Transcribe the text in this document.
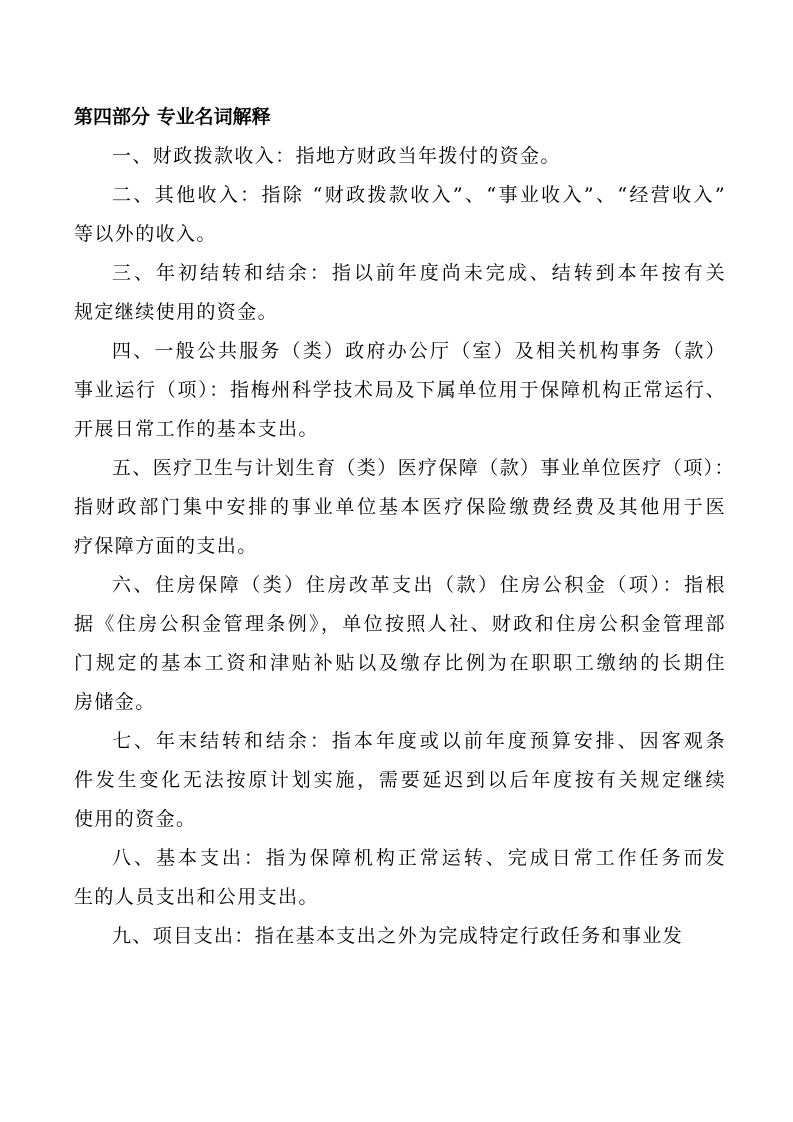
第四部分 专业名词解释
一、财政拨款收入：指地方财政当年拨付的资金。
二、其他收入：指除 “财政拨款收入”、“事业收入”、“经营收入”
等以外的收入。
三、年初结转和结余：指以前年度尚未完成、结转到本年按有关
规定继续使用的资金。
四、一般公共服务（类）政府办公厅（室）及相关机构事务（款）
事业运行（项）：指梅州科学技术局及下属单位用于保障机构正常运行、
开展日常工作的基本支出。
五、医疗卫生与计划生育（类）医疗保障（款）事业单位医疗（项）：
指财政部门集中安排的事业单位基本医疗保险缴费经费及其他用于医
疗保障方面的支出。
六、住房保障（类）住房改革支出（款）住房公积金（项）：指根
据《住房公积金管理条例》，单位按照人社、财政和住房公积金管理部
门规定的基本工资和津贴补贴以及缴存比例为在职职工缴纳的长期住
房储金。
七、年末结转和结余：指本年度或以前年度预算安排、因客观条
件发生变化无法按原计划实施，需要延迟到以后年度按有关规定继续
使用的资金。
八、基本支出：指为保障机构正常运转、完成日常工作任务而发
生的人员支出和公用支出。
九、项目支出：指在基本支出之外为完成特定行政任务和事业发
